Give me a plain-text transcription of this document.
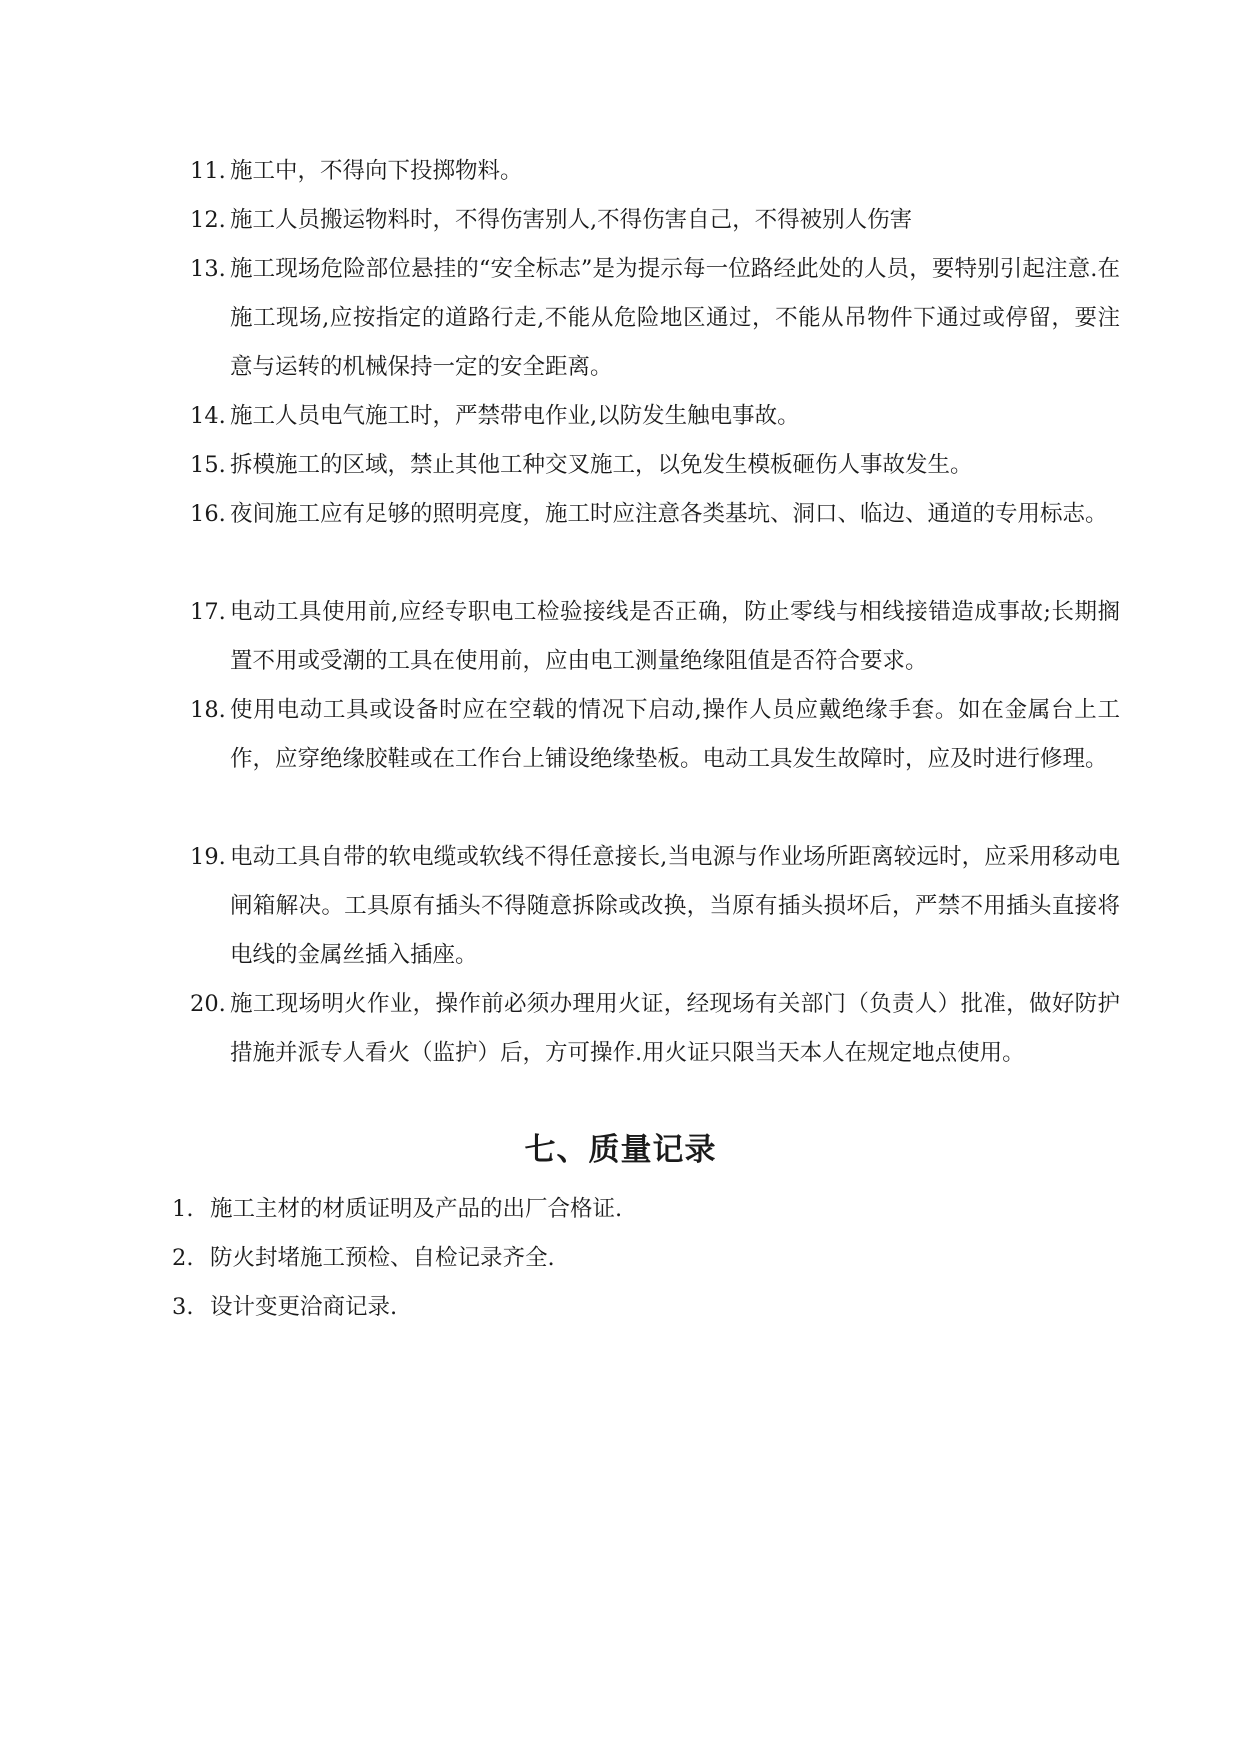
11. 施工中，不得向下投掷物料。
12. 施工人员搬运物料时，不得伤害别人,不得伤害自己，不得被别人伤害
13. 施工现场危险部位悬挂的“安全标志”是为提示每一位路经此处的人员，要特别引起注意.在施工现场,应按指定的道路行走,不能从危险地区通过，不能从吊物件下通过或停留，要注意与运转的机械保持一定的安全距离。
14. 施工人员电气施工时，严禁带电作业,以防发生触电事故。
15. 拆模施工的区域，禁止其他工种交叉施工，以免发生模板砸伤人事故发生。
16. 夜间施工应有足够的照明亮度，施工时应注意各类基坑、洞口、临边、通道的专用标志。
17. 电动工具使用前,应经专职电工检验接线是否正确，防止零线与相线接错造成事故;长期搁置不用或受潮的工具在使用前，应由电工测量绝缘阻值是否符合要求。
18. 使用电动工具或设备时应在空载的情况下启动,操作人员应戴绝缘手套。如在金属台上工作，应穿绝缘胶鞋或在工作台上铺设绝缘垫板。电动工具发生故障时，应及时进行修理。
19. 电动工具自带的软电缆或软线不得任意接长,当电源与作业场所距离较远时，应采用移动电闸箱解决。工具原有插头不得随意拆除或改换，当原有插头损坏后，严禁不用插头直接将电线的金属丝插入插座。
20. 施工现场明火作业，操作前必须办理用火证，经现场有关部门（负责人）批准，做好防护措施并派专人看火（监护）后，方可操作.用火证只限当天本人在规定地点使用。
七、质量记录
1. 施工主材的材质证明及产品的出厂合格证.
2. 防火封堵施工预检、自检记录齐全.
3. 设计变更洽商记录.
